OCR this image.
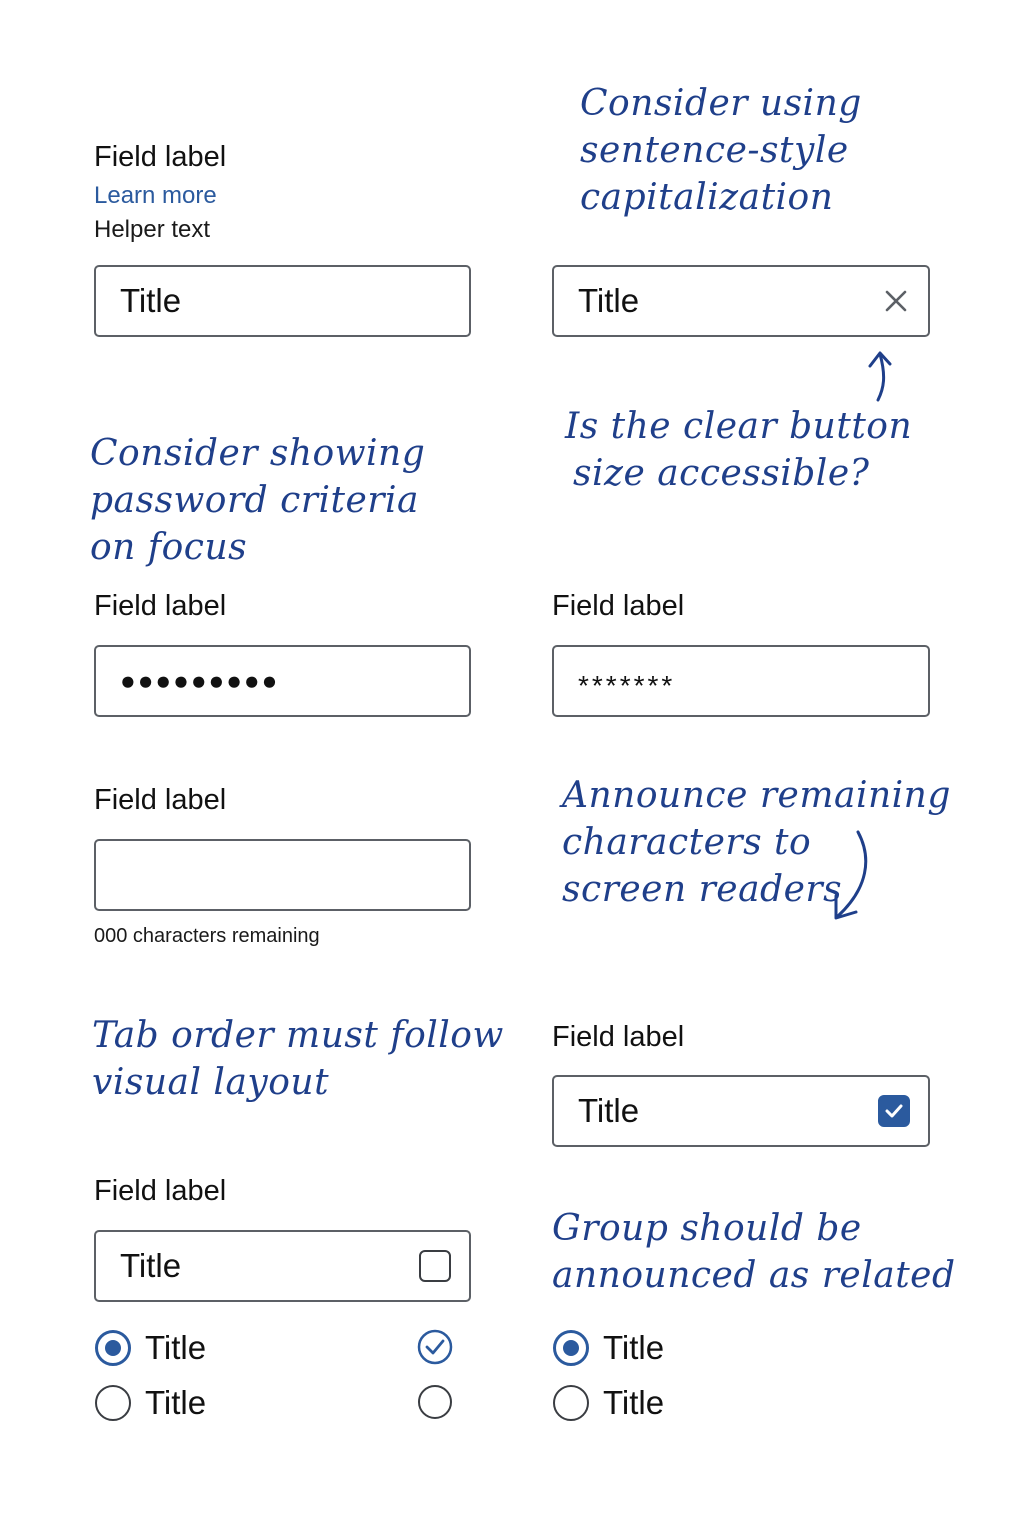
Field label
Learn more
Helper text
Title
Consider using
sentence-style
capitalization
Title
Is the clear button
size accessible?
Consider showing
password criteria
on focus
Field label
●●●●●●●●●
Field label
*******
Field label
000 characters remaining
Announce remaining
characters to
screen readers
Tab order must follow
visual layout
Field label
Title
Field label
Title
Group should be
announced as related
Title
Title
Title
Title
